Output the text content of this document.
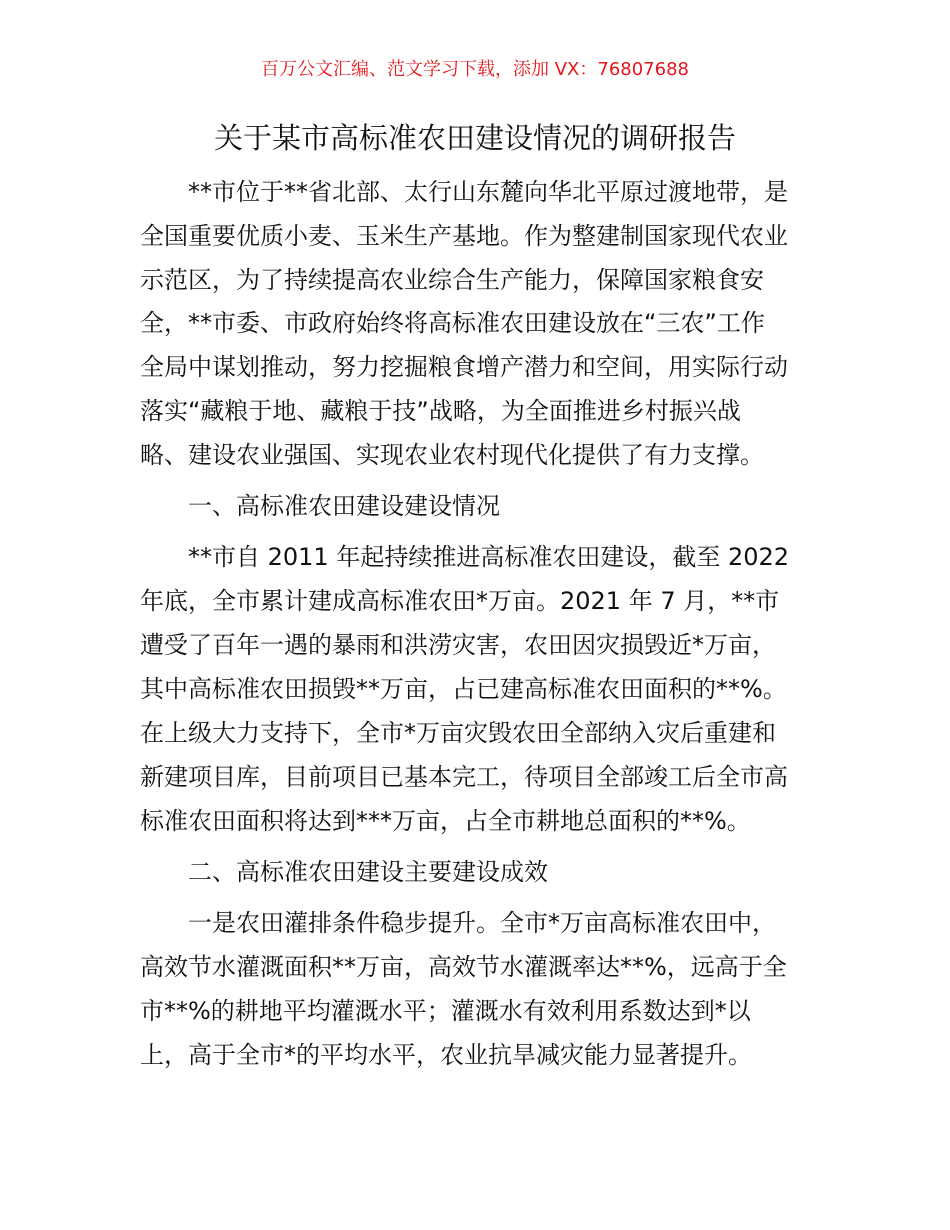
百万公文汇编、范文学习下载，添加 VX：76807688
关于某市高标准农田建设情况的调研报告
**市位于**省北部、太行山东麓向华北平原过渡地带，是
全国重要优质小麦、玉米生产基地。作为整建制国家现代农业
示范区，为了持续提高农业综合生产能力，保障国家粮食安
全，**市委、市政府始终将高标准农田建设放在“三农”工作
全局中谋划推动，努力挖掘粮食增产潜力和空间，用实际行动
落实“藏粮于地、藏粮于技”战略，为全面推进乡村振兴战
略、建设农业强国、实现农业农村现代化提供了有力支撑。
一、高标准农田建设建设情况
**市自 2011 年起持续推进高标准农田建设，截至 2022
年底，全市累计建成高标准农田*万亩。2021 年 7 月，**市
遭受了百年一遇的暴雨和洪涝灾害，农田因灾损毁近*万亩，
其中高标准农田损毁**万亩，占已建高标准农田面积的**%。
在上级大力支持下，全市*万亩灾毁农田全部纳入灾后重建和
新建项目库，目前项目已基本完工，待项目全部竣工后全市高
标准农田面积将达到***万亩，占全市耕地总面积的**%。
二、高标准农田建设主要建设成效
一是农田灌排条件稳步提升。全市*万亩高标准农田中，
高效节水灌溉面积**万亩，高效节水灌溉率达**%，远高于全
市**%的耕地平均灌溉水平；灌溉水有效利用系数达到*以
上，高于全市*的平均水平，农业抗旱减灾能力显著提升。
